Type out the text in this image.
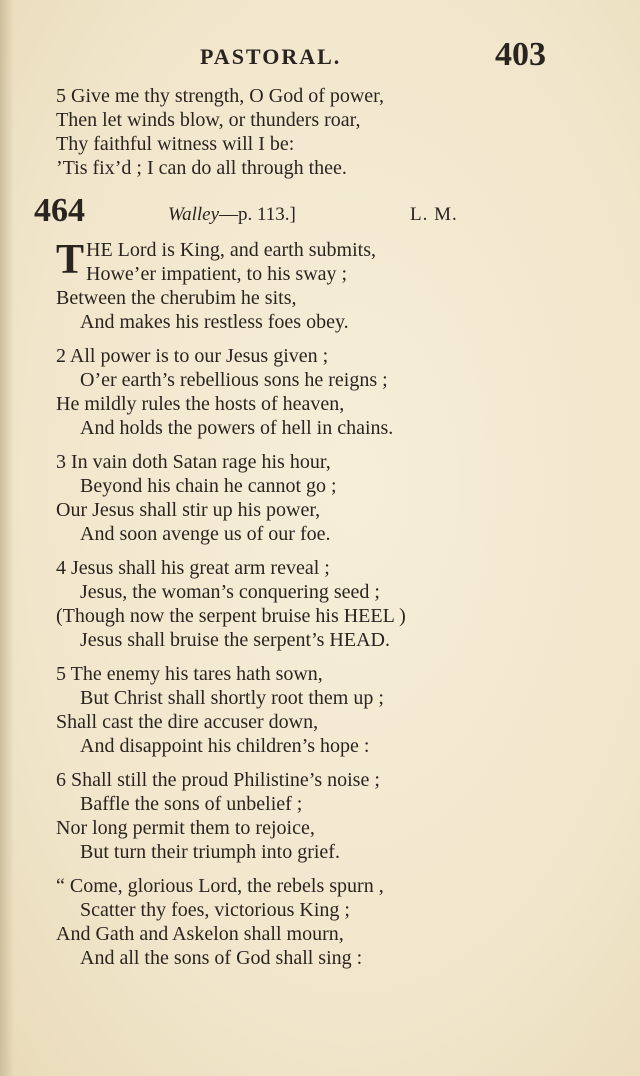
PASTORAL.	403
5 Give me thy strength, O God of power,
Then let winds blow, or thunders roar,
Thy faithful witness will I be:
’Tis fix’d ; I can do all through thee.
464	Walley—p. 113.]	L. M.
THE Lord is King, and earth submits,
Howe’er impatient, to his sway ;
Between the cherubim he sits,
And makes his restless foes obey.
2 All power is to our Jesus given ;
O’er earth’s rebellious sons he reigns ;
He mildly rules the hosts of heaven,
And holds the powers of hell in chains.
3 In vain doth Satan rage his hour,
Beyond his chain he cannot go ;
Our Jesus shall stir up his power,
And soon avenge us of our foe.
4 Jesus shall his great arm reveal ;
Jesus, the woman’s conquering seed ;
(Though now the serpent bruise his HEEL )
Jesus shall bruise the serpent’s HEAD.
5 The enemy his tares hath sown,
But Christ shall shortly root them up ;
Shall cast the dire accuser down,
And disappoint his children’s hope :
6 Shall still the proud Philistine’s noise ;
Baffle the sons of unbelief ;
Nor long permit them to rejoice,
But turn their triumph into grief.
“ Come, glorious Lord, the rebels spurn ,
Scatter thy foes, victorious King ;
And Gath and Askelon shall mourn,
And all the sons of God shall sing :
